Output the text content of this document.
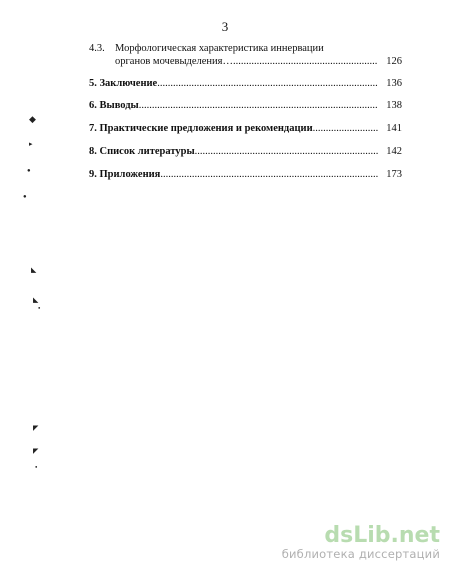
3
4.3. Морфологическая характеристика иннервации
органов мочевыделения… .....	126
5. Заключение .....	136
6. Выводы .....	138
7. Практические предложения и рекомендации .....	141
8. Список литературы .....	142
9. Приложения .....	173
◆
▸
●
●
◣
◣
●
◤
◤
●
dsLib.net
библиотека диссертаций
